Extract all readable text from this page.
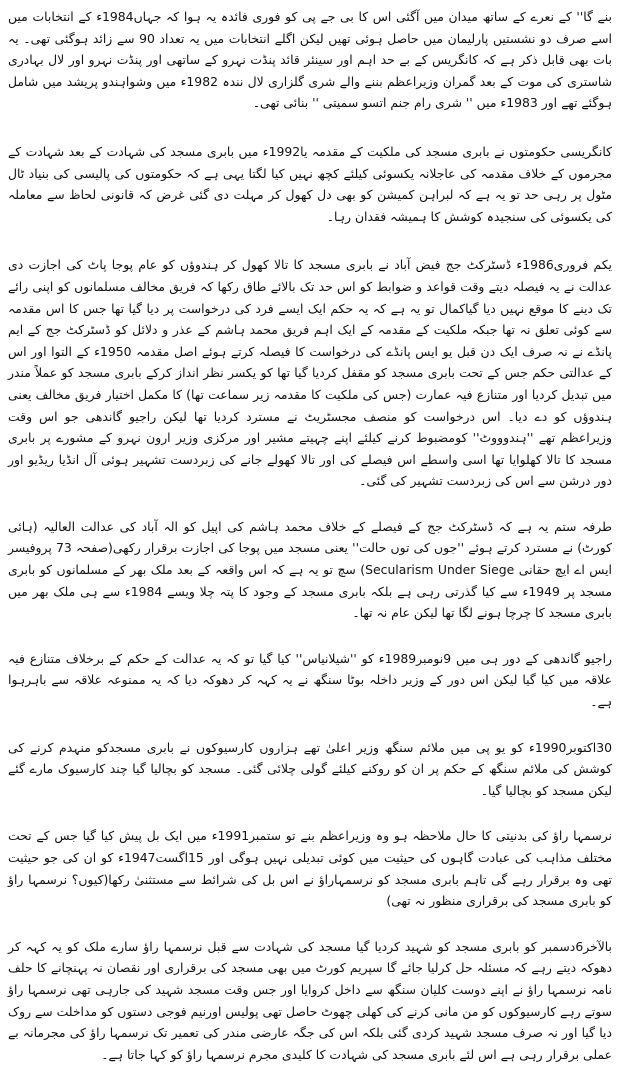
بنے گا'' کے نعرے کے ساتھ میدان میں آگئی اس کا بی جے پی کو فوری فائدہ یہ ہوا کہ جہاں1984ء کے انتخابات میں اسے صرف دو نشستیں پارلیمان میں حاصل ہوئی تھیں لیکن اگلے انتخابات میں یہ تعداد 90 سے زائد ہوگئی تھی۔ یہ بات بھی قابل ذکر ہے کہ کانگریس کے بے حد اہم اور سینئر قائد پنڈت نہرو کے ساتھی اور پنڈت نہرو اور لال بہادری شاستری کی موت کے بعد گمران وزیراعظم بننے والے شری گلزاری لال نندہ 1982ء میں وشواہندو پریشد میں شامل ہوگئے تھے اور 1983ء میں '' شری رام جنم اتسو سمیتی '' بنائی تھی۔

کانگریسی حکومتوں نے بابری مسجد کی ملکیت کے مقدمہ یا1992ء میں بابری مسجد کی شہادت کے بعد شہادت کے مجرموں کے خلاف مقدمہ کی عاجلانہ یکسوئی کیلئے کچھ نہیں کیا لگتا یہی ہے کہ حکومتوں کی پالیسی کی بنیاد ٹال مٹول پر رہی حد تو یہ ہے کہ لبراہن کمیشن کو بھی دل کھول کر مہلت دی گئی غرض کہ قانونی لحاظ سے معاملہ کی یکسوئی کی سنجیدہ کوشش کا ہمیشہ فقدان رہا۔

یکم فروری1986ء ڈسٹرکٹ جج فیض آباد نے بابری مسجد کا تالا کھول کر ہندوؤں کو عام پوجا پاٹ کی اجازت دی عدالت نے یہ فیصلہ دیتے وقت قواعد و ضوابط کو اس حد تک بالائے طاق رکھا کہ فریق مخالف مسلمانوں کو اپنی رائے تک دینے کا موقع نہیں دیا گیاکمال تو یہ ہے کہ یہ حکم ایک ایسے فرد کی درخواست پر دیا گیا تھا جس کا اس مقدمہ سے کوئی تعلق نہ تھا جبکہ ملکیت کے مقدمہ کے ایک اہم فریق محمد ہاشم کے عذر و دلائل کو ڈسٹرکٹ جج کے ایم پانڈے نے نہ صرف ایک دن قبل یو ایس پانڈے کی درخواست کا فیصلہ کرتے ہوئے اصل مقدمہ 1950ء کے التوا اور اس کے عدالتی حکم جس کے تحت بابری مسجد کو مقفل کردیا گیا تھا کو یکسر نظر انداز کرکے بابری مسجد کو عملاً مندر میں تبدیل کردیا اور متنازع فیہ عمارت (جس کی ملکیت کا مقدمہ زیر سماعت تھا) کا مکمل اختیار فریق مخالف یعنی ہندوؤں کو دے دیا۔ اس درخواست کو منصف مجسٹریٹ نے مسترد کردیا تھا لیکن راجیو گاندھی جو اس وقت وزیراعظم تھے ''ہندوووٹ'' کومضبوط کرنے کیلئے اپنے چہیتے مشیر اور مرکزی وزیر ارون نہرو کے مشورے پر بابری مسجد کا تالا کھلوایا تھا اسی واسطے اس فیصلے کی اور تالا کھولے جانے کی زبردست تشہیر ہوئی آل انڈیا ریڈیو اور دور درشن سے اس کی زبردست تشہیر کی گئی۔

طرفہ ستم یہ ہے کہ ڈسٹرکٹ جج کے فیصلے کے خلاف محمد ہاشم کی اپیل کو الہ آباد کی عدالت العالیہ (ہائی کورٹ) نے مسترد کرتے ہوئے ''جوں کی توں حالت'' یعنی مسجد میں پوجا کی اجازت برقرار رکھی(صفحہ 73 پروفیسر ایس اے ایچ حقانی Secularism Under Siege) سچ تو یہ ہے کہ اس واقعہ کے بعد ملک بھر کے مسلمانوں کو بابری مسجد پر 1949ء سے کیا گذرتی رہی ہے بلکہ بابری مسجد کے وجود کا پتہ چلا ویسے 1984ء سے ہی ملک بھر میں بابری مسجد کا چرچا ہونے لگا تھا لیکن عام نہ تھا۔

راجیو گاندھی کے دور ہی میں 9نومبر1989ء کو ''شیلانیاس'' کیا گیا تو کہ یہ عدالت کے حکم کے برخلاف متنازع فیہ علاقہ میں کیا گیا لیکن اس دور کے وزیر داخلہ بوٹا سنگھ نے یہ کہہ کر دھوکہ دیا کہ یہ ممنوعہ علاقہ سے باہرہوا ہے۔

30اکتوبر1990ء کو یو پی میں ملائم سنگھ وزیر اعلیٰ تھے ہزاروں کارسیوکوں نے بابری مسجدکو منہدم کرنے کی کوشش کی ملائم سنگھ کے حکم پر ان کو روکنے کیلئے گولی چلائی گئی۔ مسجد کو بچالیا گیا چند کارسیوک مارے گئے لیکن مسجد کو بچالیا گیا۔

نرسمہا راؤ کی بدنیتی کا حال ملاحظہ ہو وہ وزیراعظم بنے تو ستمبر1991ء میں ایک بل پیش کیا گیا جس کے تحت مختلف مذاہب کی عبادت گاہوں کی حیثیت میں کوئی تبدیلی نہیں ہوگی اور 15اگست1947ء کو ان کی جو حیثیت تھی وہ برقرار رہے گی تاہم بابری مسجد کو نرسمہاراؤ نے اس بل کی شرائط سے مستثنیٰ رکھا(کیوں؟ نرسمہا راؤ کو بابری مسجد کی برقراری منظور نہ تھی)

بالآخر6دسمبر کو بابری مسجد کو شہید کردیا گیا مسجد کی شہادت سے قبل نرسمہا راؤ سارے ملک کو یہ کہہ کر دھوکہ دیتے رہے کہ مسئلہ حل کرلیا جائے گا سپریم کورٹ میں بھی مسجد کی برقراری اور نقصان نہ پہنچانے کا حلف نامہ نرسمہا راؤ نے اپنے دوست کلیان سنگھ سے داخل کروایا اور جس وقت مسجد شہید کی جارہی تھی نرسمہا راؤ سوتے رہے کارسیوکوں کو من مانی کرنے کی کھلی چھوٹ حاصل تھی پولیس اورنیم فوجی دستوں کو مداخلت سے روک دیا گیا اور نہ صرف مسجد شہید کردی گئی بلکہ اس کی جگہ عارضی مندر کی تعمیر تک نرسمہا راؤ کی مجرمانہ بے عملی برقرار رہی ہے اس لئے بابری مسجد کی شہادت کا کلیدی مجرم نرسمہا راؤ کو کہا جاتا ہے۔
